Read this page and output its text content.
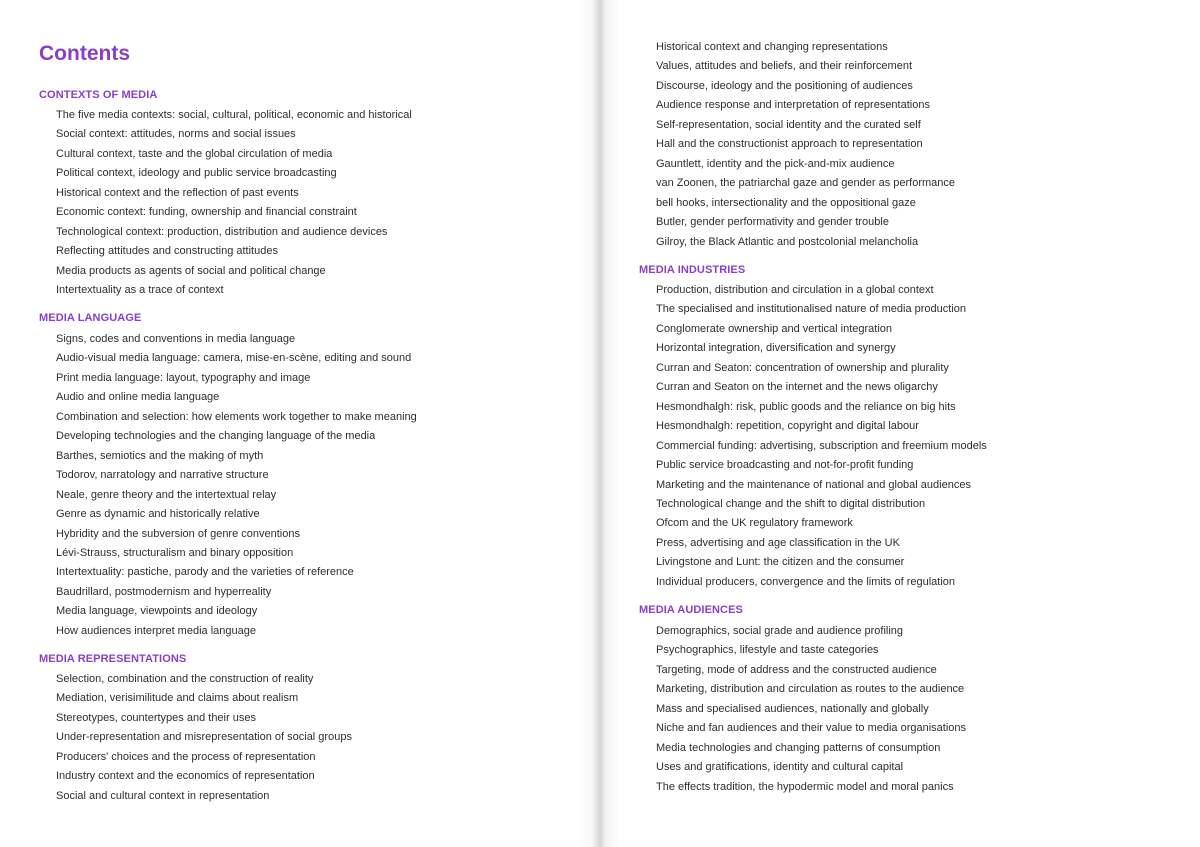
Contents
CONTEXTS OF MEDIA
The five media contexts: social, cultural, political, economic and historical
Social context: attitudes, norms and social issues
Cultural context, taste and the global circulation of media
Political context, ideology and public service broadcasting
Historical context and the reflection of past events
Economic context: funding, ownership and financial constraint
Technological context: production, distribution and audience devices
Reflecting attitudes and constructing attitudes
Media products as agents of social and political change
Intertextuality as a trace of context
MEDIA LANGUAGE
Signs, codes and conventions in media language
Audio-visual media language: camera, mise-en-scène, editing and sound
Print media language: layout, typography and image
Audio and online media language
Combination and selection: how elements work together to make meaning
Developing technologies and the changing language of the media
Barthes, semiotics and the making of myth
Todorov, narratology and narrative structure
Neale, genre theory and the intertextual relay
Genre as dynamic and historically relative
Hybridity and the subversion of genre conventions
Lévi-Strauss, structuralism and binary opposition
Intertextuality: pastiche, parody and the varieties of reference
Baudrillard, postmodernism and hyperreality
Media language, viewpoints and ideology
How audiences interpret media language
MEDIA REPRESENTATIONS
Selection, combination and the construction of reality
Mediation, verisimilitude and claims about realism
Stereotypes, countertypes and their uses
Under-representation and misrepresentation of social groups
Producers' choices and the process of representation
Industry context and the economics of representation
Social and cultural context in representation
Historical context and changing representations
Values, attitudes and beliefs, and their reinforcement
Discourse, ideology and the positioning of audiences
Audience response and interpretation of representations
Self-representation, social identity and the curated self
Hall and the constructionist approach to representation
Gauntlett, identity and the pick-and-mix audience
van Zoonen, the patriarchal gaze and gender as performance
bell hooks, intersectionality and the oppositional gaze
Butler, gender performativity and gender trouble
Gilroy, the Black Atlantic and postcolonial melancholia
MEDIA INDUSTRIES
Production, distribution and circulation in a global context
The specialised and institutionalised nature of media production
Conglomerate ownership and vertical integration
Horizontal integration, diversification and synergy
Curran and Seaton: concentration of ownership and plurality
Curran and Seaton on the internet and the news oligarchy
Hesmondhalgh: risk, public goods and the reliance on big hits
Hesmondhalgh: repetition, copyright and digital labour
Commercial funding: advertising, subscription and freemium models
Public service broadcasting and not-for-profit funding
Marketing and the maintenance of national and global audiences
Technological change and the shift to digital distribution
Ofcom and the UK regulatory framework
Press, advertising and age classification in the UK
Livingstone and Lunt: the citizen and the consumer
Individual producers, convergence and the limits of regulation
MEDIA AUDIENCES
Demographics, social grade and audience profiling
Psychographics, lifestyle and taste categories
Targeting, mode of address and the constructed audience
Marketing, distribution and circulation as routes to the audience
Mass and specialised audiences, nationally and globally
Niche and fan audiences and their value to media organisations
Media technologies and changing patterns of consumption
Uses and gratifications, identity and cultural capital
The effects tradition, the hypodermic model and moral panics
